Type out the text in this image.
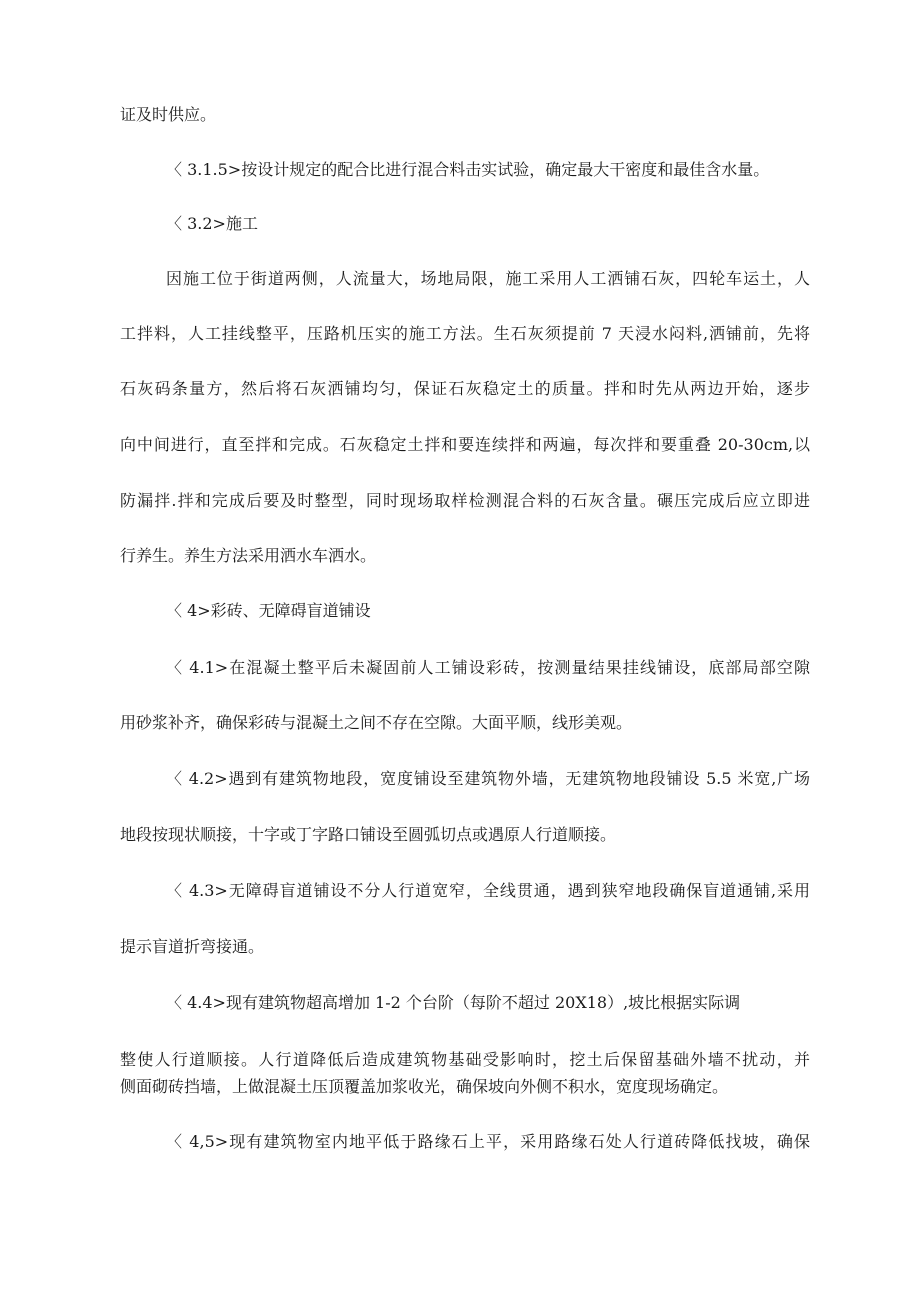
证及时供应。
〈 3.1.5>按设计规定的配合比进行混合料击实试验，确定最大干密度和最佳含水量。
〈 3.2>施工
因施工位于街道两侧，人流量大，场地局限，施工采用人工洒铺石灰，四轮车运土，人
工拌料，人工挂线整平，压路机压实的施工方法。生石灰须提前 7 天浸水闷料,洒铺前，先将
石灰码条量方，然后将石灰洒铺均匀，保证石灰稳定土的质量。拌和时先从两边开始，逐步
向中间进行，直至拌和完成。石灰稳定土拌和要连续拌和两遍，每次拌和要重叠 20-30cm,以
防漏拌.拌和完成后要及时整型，同时现场取样检测混合料的石灰含量。碾压完成后应立即进
行养生。养生方法采用洒水车洒水。
〈 4>彩砖、无障碍盲道铺设
〈 4.1>在混凝土整平后未凝固前人工铺设彩砖，按测量结果挂线铺设，底部局部空隙
用砂浆补齐，确保彩砖与混凝土之间不存在空隙。大面平顺，线形美观。
〈 4.2>遇到有建筑物地段，宽度铺设至建筑物外墙，无建筑物地段铺设 5.5 米宽,广场
地段按现状顺接，十字或丁字路口铺设至圆弧切点或遇原人行道顺接。
〈 4.3>无障碍盲道铺设不分人行道宽窄，全线贯通，遇到狭窄地段确保盲道通铺,采用
提示盲道折弯接通。
〈 4.4>现有建筑物超高增加 1-2 个台阶（每阶不超过 20X18）,坡比根据实际调
整使人行道顺接。人行道降低后造成建筑物基础受影响时，挖土后保留基础外墙不扰动，并
侧面砌砖挡墙，上做混凝土压顶覆盖加浆收光，确保坡向外侧不积水，宽度现场确定。
〈 4,5>现有建筑物室内地平低于路缘石上平，采用路缘石处人行道砖降低找坡，确保
